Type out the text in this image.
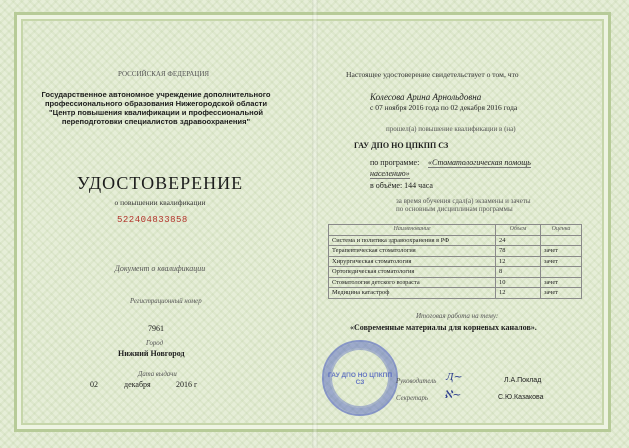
РОССИЙСКАЯ ФЕДЕРАЦИЯ
Государственное автономное учреждение дополнительного
профессионального образования Нижегородской области
"Центр повышения квалификации и профессиональной
переподготовки специалистов здравоохранения"
УДОСТОВЕРЕНИЕ
о повышении квалификации
522404833858
Документ о квалификации
Регистрационный номер
7961
Город
Нижний Новгород
Дата выдачи
02	декабря	2016 г
Настоящее удостоверение свидетельствует о том, что
Колесова Арина Арнольдовна
с 07 ноября 2016 года по 02 декабря 2016 года
прошел(а) повышение квалификации в (на)
ГАУ ДПО НО ЦПКПП СЗ
по программе: «Стоматологическая помощь
населению»
в объёме: 144 часа
за время обучения сдал(а) экзамены и зачеты
по основным дисциплинам программы
Наименование	Объем	Оценка
Система и политика здравоохранения в РФ	24	
Терапевтическая стоматология	78	зачет
Хирургическая стоматология	12	зачет
Ортопедическая стоматология	8	
Стоматология детского возраста	10	зачет
Медицина катастроф	12	зачет
Итоговая работа на тему:
«Современные материалы для корневых каналов».
ГАУ ДПО НО ЦПКПП СЗ	Руководитель Ӆ~	Л.А.Поклад
Секретарь ℵ~	С.Ю.Казакова
